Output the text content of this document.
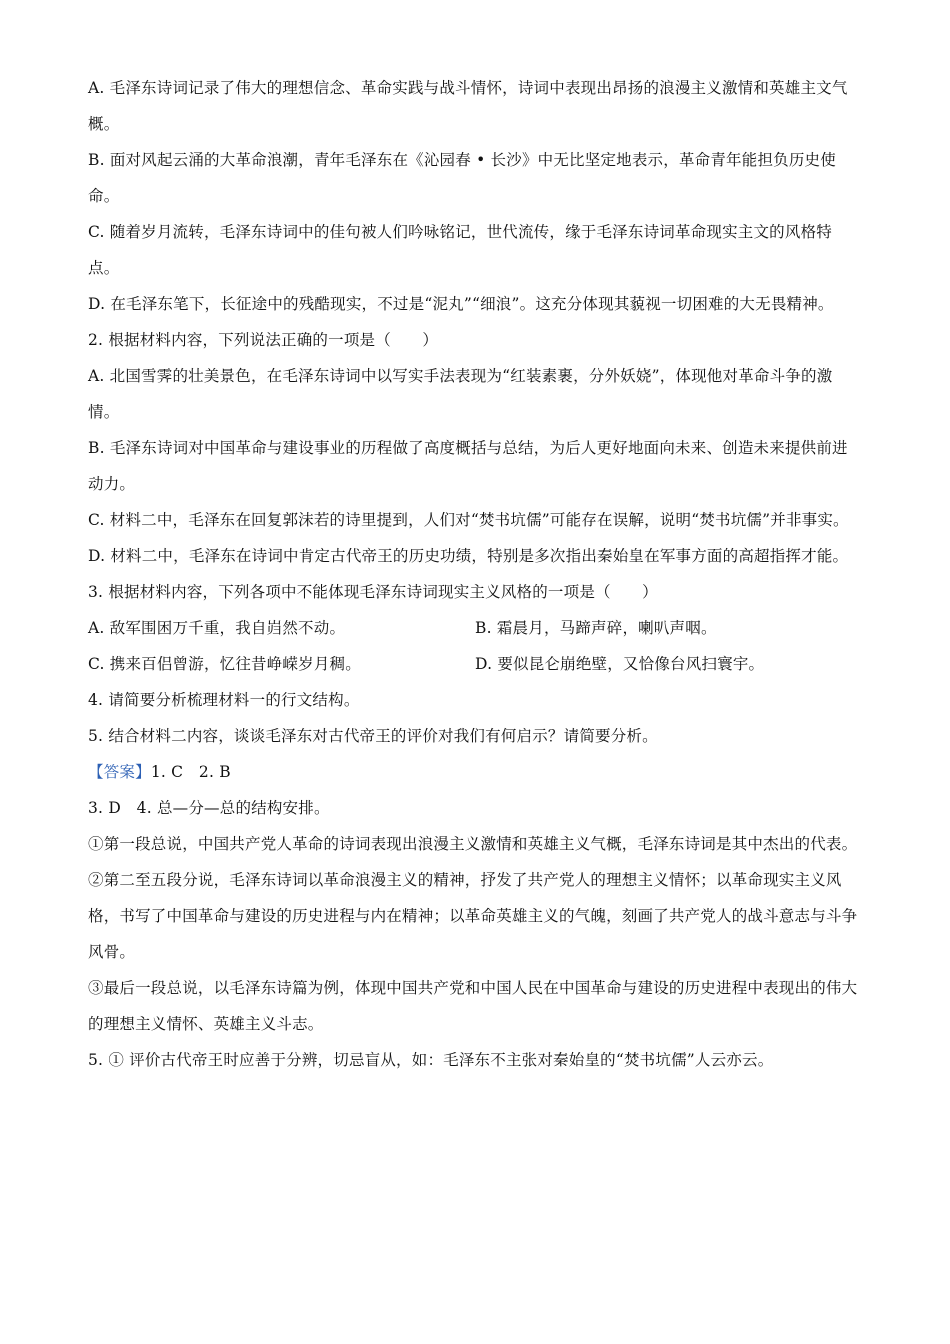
A. 毛泽东诗词记录了伟大的理想信念、革命实践与战斗情怀，诗词中表现出昂扬的浪漫主义激情和英雄主文气概。

B. 面对风起云涌的大革命浪潮，青年毛泽东在《沁园春 • 长沙》中无比坚定地表示，革命青年能担负历史使命。

C. 随着岁月流转，毛泽东诗词中的佳句被人们吟咏铭记，世代流传，缘于毛泽东诗词革命现实主文的风格特点。

D. 在毛泽东笔下，长征途中的残酷现实，不过是“泥丸”“细浪”。这充分体现其藐视一切困难的大无畏精神。

2. 根据材料内容，下列说法正确的一项是（　　）

A. 北国雪霁的壮美景色，在毛泽东诗词中以写实手法表现为“红装素裹，分外妖娆”，体现他对革命斗争的激情。

B. 毛泽东诗词对中国革命与建设事业的历程做了高度概括与总结，为后人更好地面向未来、创造未来提供前进动力。

C. 材料二中，毛泽东在回复郭沫若的诗里提到，人们对“焚书坑儒”可能存在误解，说明“焚书坑儒”并非事实。

D. 材料二中，毛泽东在诗词中肯定古代帝王的历史功绩，特别是多次指出秦始皇在军事方面的高超指挥才能。

3. 根据材料内容，下列各项中不能体现毛泽东诗词现实主义风格的一项是（　　）

A. 敌军围困万千重，我自岿然不动。	B. 霜晨月，马蹄声碎，喇叭声咽。
C. 携来百侣曾游，忆往昔峥嵘岁月稠。	D. 要似昆仑崩绝壁，又恰像台风扫寰宇。

4. 请简要分析梳理材料一的行文结构。

5. 结合材料二内容，谈谈毛泽东对古代帝王的评价对我们有何启示？请简要分析。

【答案】1. C　2. B

3. D　4. 总—分—总的结构安排。

①第一段总说，中国共产党人革命的诗词表现出浪漫主义激情和英雄主义气概，毛泽东诗词是其中杰出的代表。

②第二至五段分说，毛泽东诗词以革命浪漫主义的精神，抒发了共产党人的理想主义情怀；以革命现实主义风格，书写了中国革命与建设的历史进程与内在精神；以革命英雄主义的气魄，刻画了共产党人的战斗意志与斗争风骨。

③最后一段总说，以毛泽东诗篇为例，体现中国共产党和中国人民在中国革命与建设的历史进程中表现出的伟大的理想主义情怀、英雄主义斗志。

5. ① 评价古代帝王时应善于分辨，切忌盲从，如：毛泽东不主张对秦始皇的“焚书坑儒”人云亦云。
